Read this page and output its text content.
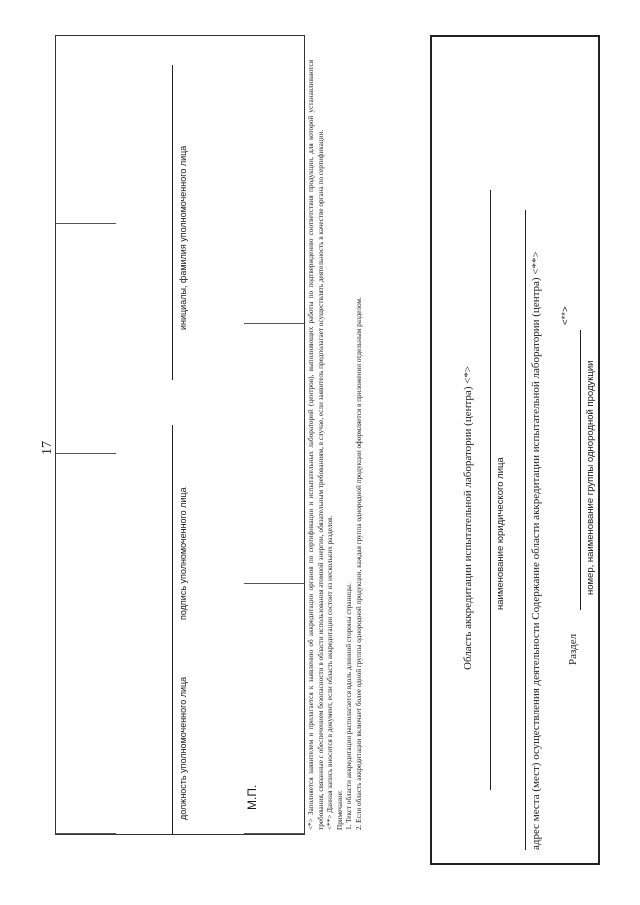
17
должность уполномоченного лица
подпись уполномоченного лица
инициалы, фамилия уполномоченного лица
М.П.	<*> Заполняется заявителем и прилагается к заявлению об аккредитации органов по сертификации и испытательных лабораторий (центров), выполняющих работы по подтверждению соответствия продукции, для которой устанавливаются требования, связанные с обеспечением безопасности в области использования атомной энергии, обязательным требованиям, в случае, если заявитель предполагает осуществлять деятельность в качестве органа по сертификации. <**> Данная запись вносится в документ, если область аккредитации состоит из нескольких разделов. Примечание: 1. Текст области аккредитации располагается вдоль длинной стороны страницы. 2. Если область аккредитации включает более одной группы однородной продукции, каждая группа однородной продукции оформляется в приложении отдельным разделом.	Область аккредитации испытательной лаборатории (центра) <*> наименование юридического лица адрес места (мест) осуществления деятельности Содержание области аккредитации испытательной лаборатории (центра) <**> Раздел
<**>
номер, наименование группы однородной продукции
